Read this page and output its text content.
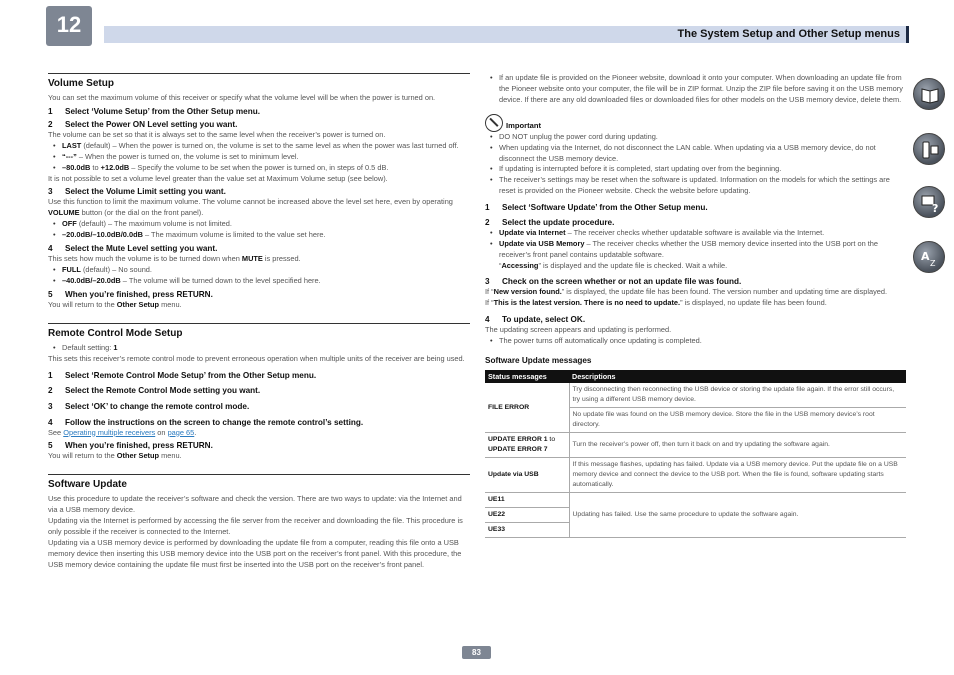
12	The System Setup and Other Setup menus
?
A
Z
Volume Setup
You can set the maximum volume of this receiver or specify what the volume level will be when the power is turned on.
1 Select ‘Volume Setup’ from the Other Setup menu.
2 Select the Power ON Level setting you want.
The volume can be set so that it is always set to the same level when the receiver’s power is turned on.
• LAST (default) – When the power is turned on, the volume is set to the same level as when the power was last turned off.
• “---” – When the power is turned on, the volume is set to minimum level.
• –80.0dB to +12.0dB – Specify the volume to be set when the power is turned on, in steps of 0.5 dB.
It is not possible to set a volume level greater than the value set at Maximum Volume setup (see below).
3 Select the Volume Limit setting you want.
Use this function to limit the maximum volume. The volume cannot be increased above the level set here, even by operating VOLUME button (or the dial on the front panel).
• OFF (default) – The maximum volume is not limited.
• –20.0dB/–10.0dB/0.0dB – The maximum volume is limited to the value set here.
4 Select the Mute Level setting you want.
This sets how much the volume is to be turned down when MUTE is pressed.
• FULL (default) – No sound.
• –40.0dB/–20.0dB – The volume will be turned down to the level specified here.
5 When you’re finished, press RETURN.
You will return to the Other Setup menu.
Remote Control Mode Setup
• Default setting: 1
This sets this receiver’s remote control mode to prevent erroneous operation when multiple units of the receiver are being used.
1 Select ‘Remote Control Mode Setup’ from the Other Setup menu.
2 Select the Remote Control Mode setting you want.
3 Select ‘OK’ to change the remote control mode.
4 Follow the instructions on the screen to change the remote control’s setting.
See Operating multiple receivers on page 65.
5 When you’re finished, press RETURN.
You will return to the Other Setup menu.
Software Update
Use this procedure to update the receiver’s software and check the version. There are two ways to update: via the Internet and via a USB memory device.
Updating via the Internet is performed by accessing the file server from the receiver and downloading the file. This procedure is only possible if the receiver is connected to the Internet.
Updating via a USB memory device is performed by downloading the update file from a computer, reading this file onto a USB memory device then inserting this USB memory device into the USB port on the receiver’s front panel. With this procedure, the USB memory device containing the update file must first be inserted into the USB port on the receiver’s front panel.
• If an update file is provided on the Pioneer website, download it onto your computer. When downloading an update file from the Pioneer website onto your computer, the file will be in ZIP format. Unzip the ZIP file before saving it on the USB memory device. If there are any old downloaded files or downloaded files for other models on the USB memory device, delete them.
Important
• DO NOT unplug the power cord during updating.
• When updating via the Internet, do not disconnect the LAN cable. When updating via a USB memory device, do not disconnect the USB memory device.
• If updating is interrupted before it is completed, start updating over from the beginning.
• The receiver’s settings may be reset when the software is updated. Information on the models for which the settings are reset is provided on the Pioneer website. Check the website before updating.
1 Select ‘Software Update’ from the Other Setup menu.
2 Select the update procedure.
• Update via Internet – The receiver checks whether updatable software is available via the Internet.
• Update via USB Memory – The receiver checks whether the USB memory device inserted into the USB port on the receiver’s front panel contains updatable software.
“Accessing” is displayed and the update file is checked. Wait a while.
3 Check on the screen whether or not an update file was found.
If “New version found.” is displayed, the update file has been found. The version number and updating time are displayed.
If “This is the latest version. There is no need to update.” is displayed, no update file has been found.
4 To update, select OK.
The updating screen appears and updating is performed.
• The power turns off automatically once updating is completed.
Software Update messages
Status messages	Descriptions
FILE ERROR	Try disconnecting then reconnecting the USB device or storing the update file again. If the error still occurs, try using a different USB memory device.
	No update file was found on the USB memory device. Store the file in the USB memory device’s root directory.
UPDATE ERROR 1 to
UPDATE ERROR 7	Turn the receiver’s power off, then turn it back on and try updating the software again.
Update via USB	If this message flashes, updating has failed. Update via a USB memory device. Put the update file on a USB memory device and connect the device to the USB port. When the file is found, software updating starts automatically.
UE11	Updating has failed. Use the same procedure to update the software again.
UE22	
UE33	
83
